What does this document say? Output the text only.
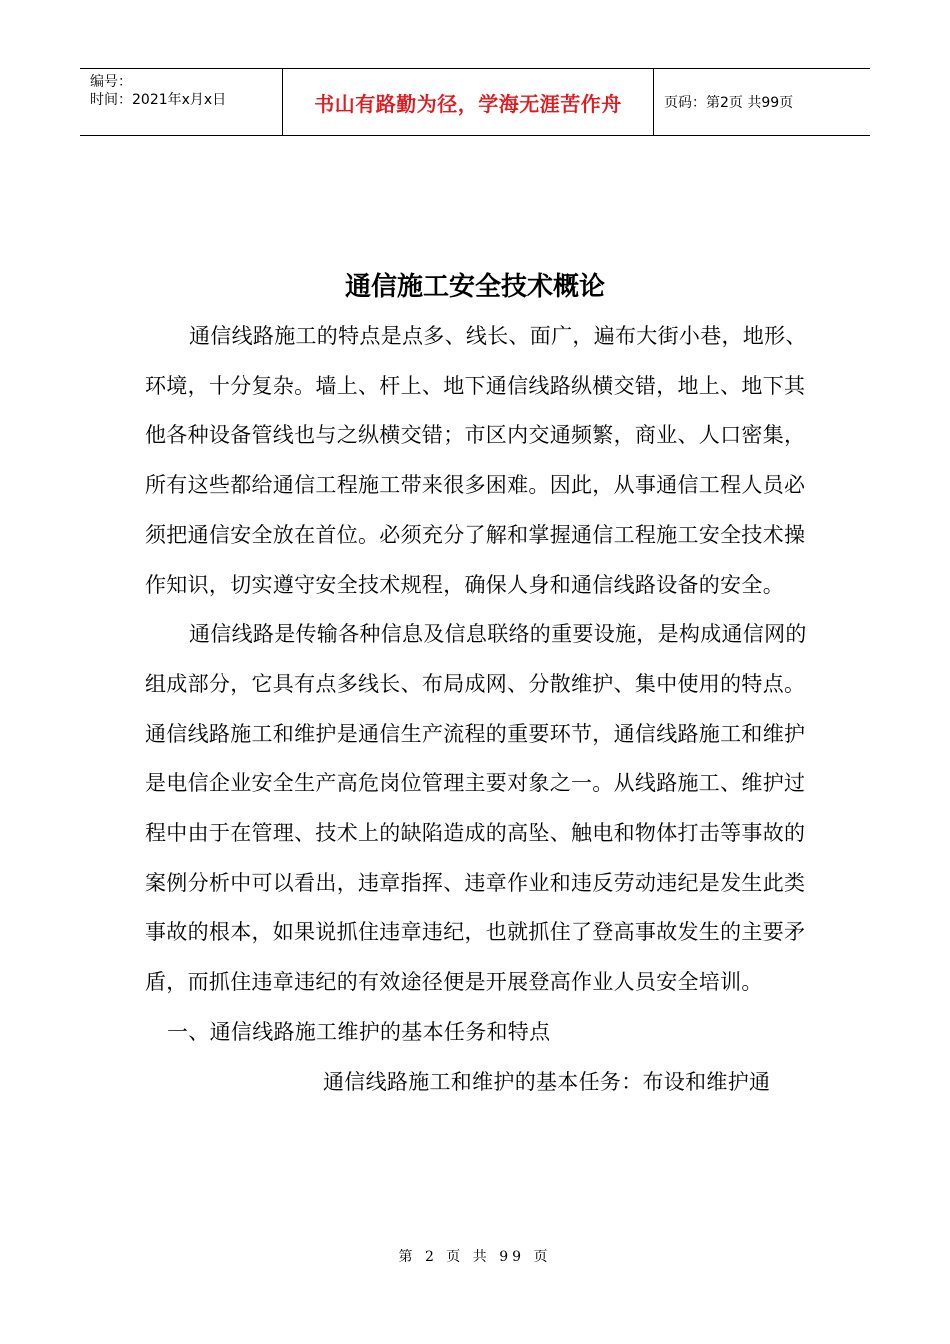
编号：
时间：2021年x月x日	书山有路勤为径，学海无涯苦作舟	页码：第2页 共99页
通信施工安全技术概论

通信线路施工的特点是点多、线长、面广，遍布大街小巷，地形、环境，十分复杂。墙上、杆上、地下通信线路纵横交错，地上、地下其他各种设备管线也与之纵横交错；市区内交通频繁，商业、人口密集，所有这些都给通信工程施工带来很多困难。因此，从事通信工程人员必须把通信安全放在首位。必须充分了解和掌握通信工程施工安全技术操作知识，切实遵守安全技术规程，确保人身和通信线路设备的安全。

通信线路是传输各种信息及信息联络的重要设施，是构成通信网的组成部分，它具有点多线长、布局成网、分散维护、集中使用的特点。通信线路施工和维护是通信生产流程的重要环节，通信线路施工和维护是电信企业安全生产高危岗位管理主要对象之一。从线路施工、维护过程中由于在管理、技术上的缺陷造成的高坠、触电和物体打击等事故的案例分析中可以看出，违章指挥、违章作业和违反劳动违纪是发生此类事故的根本，如果说抓住违章违纪，也就抓住了登高事故发生的主要矛盾，而抓住违章违纪的有效途径便是开展登高作业人员安全培训。

一、通信线路施工维护的基本任务和特点

通信线路施工和维护的基本任务：布设和维护通

第 2 页 共 99 页
